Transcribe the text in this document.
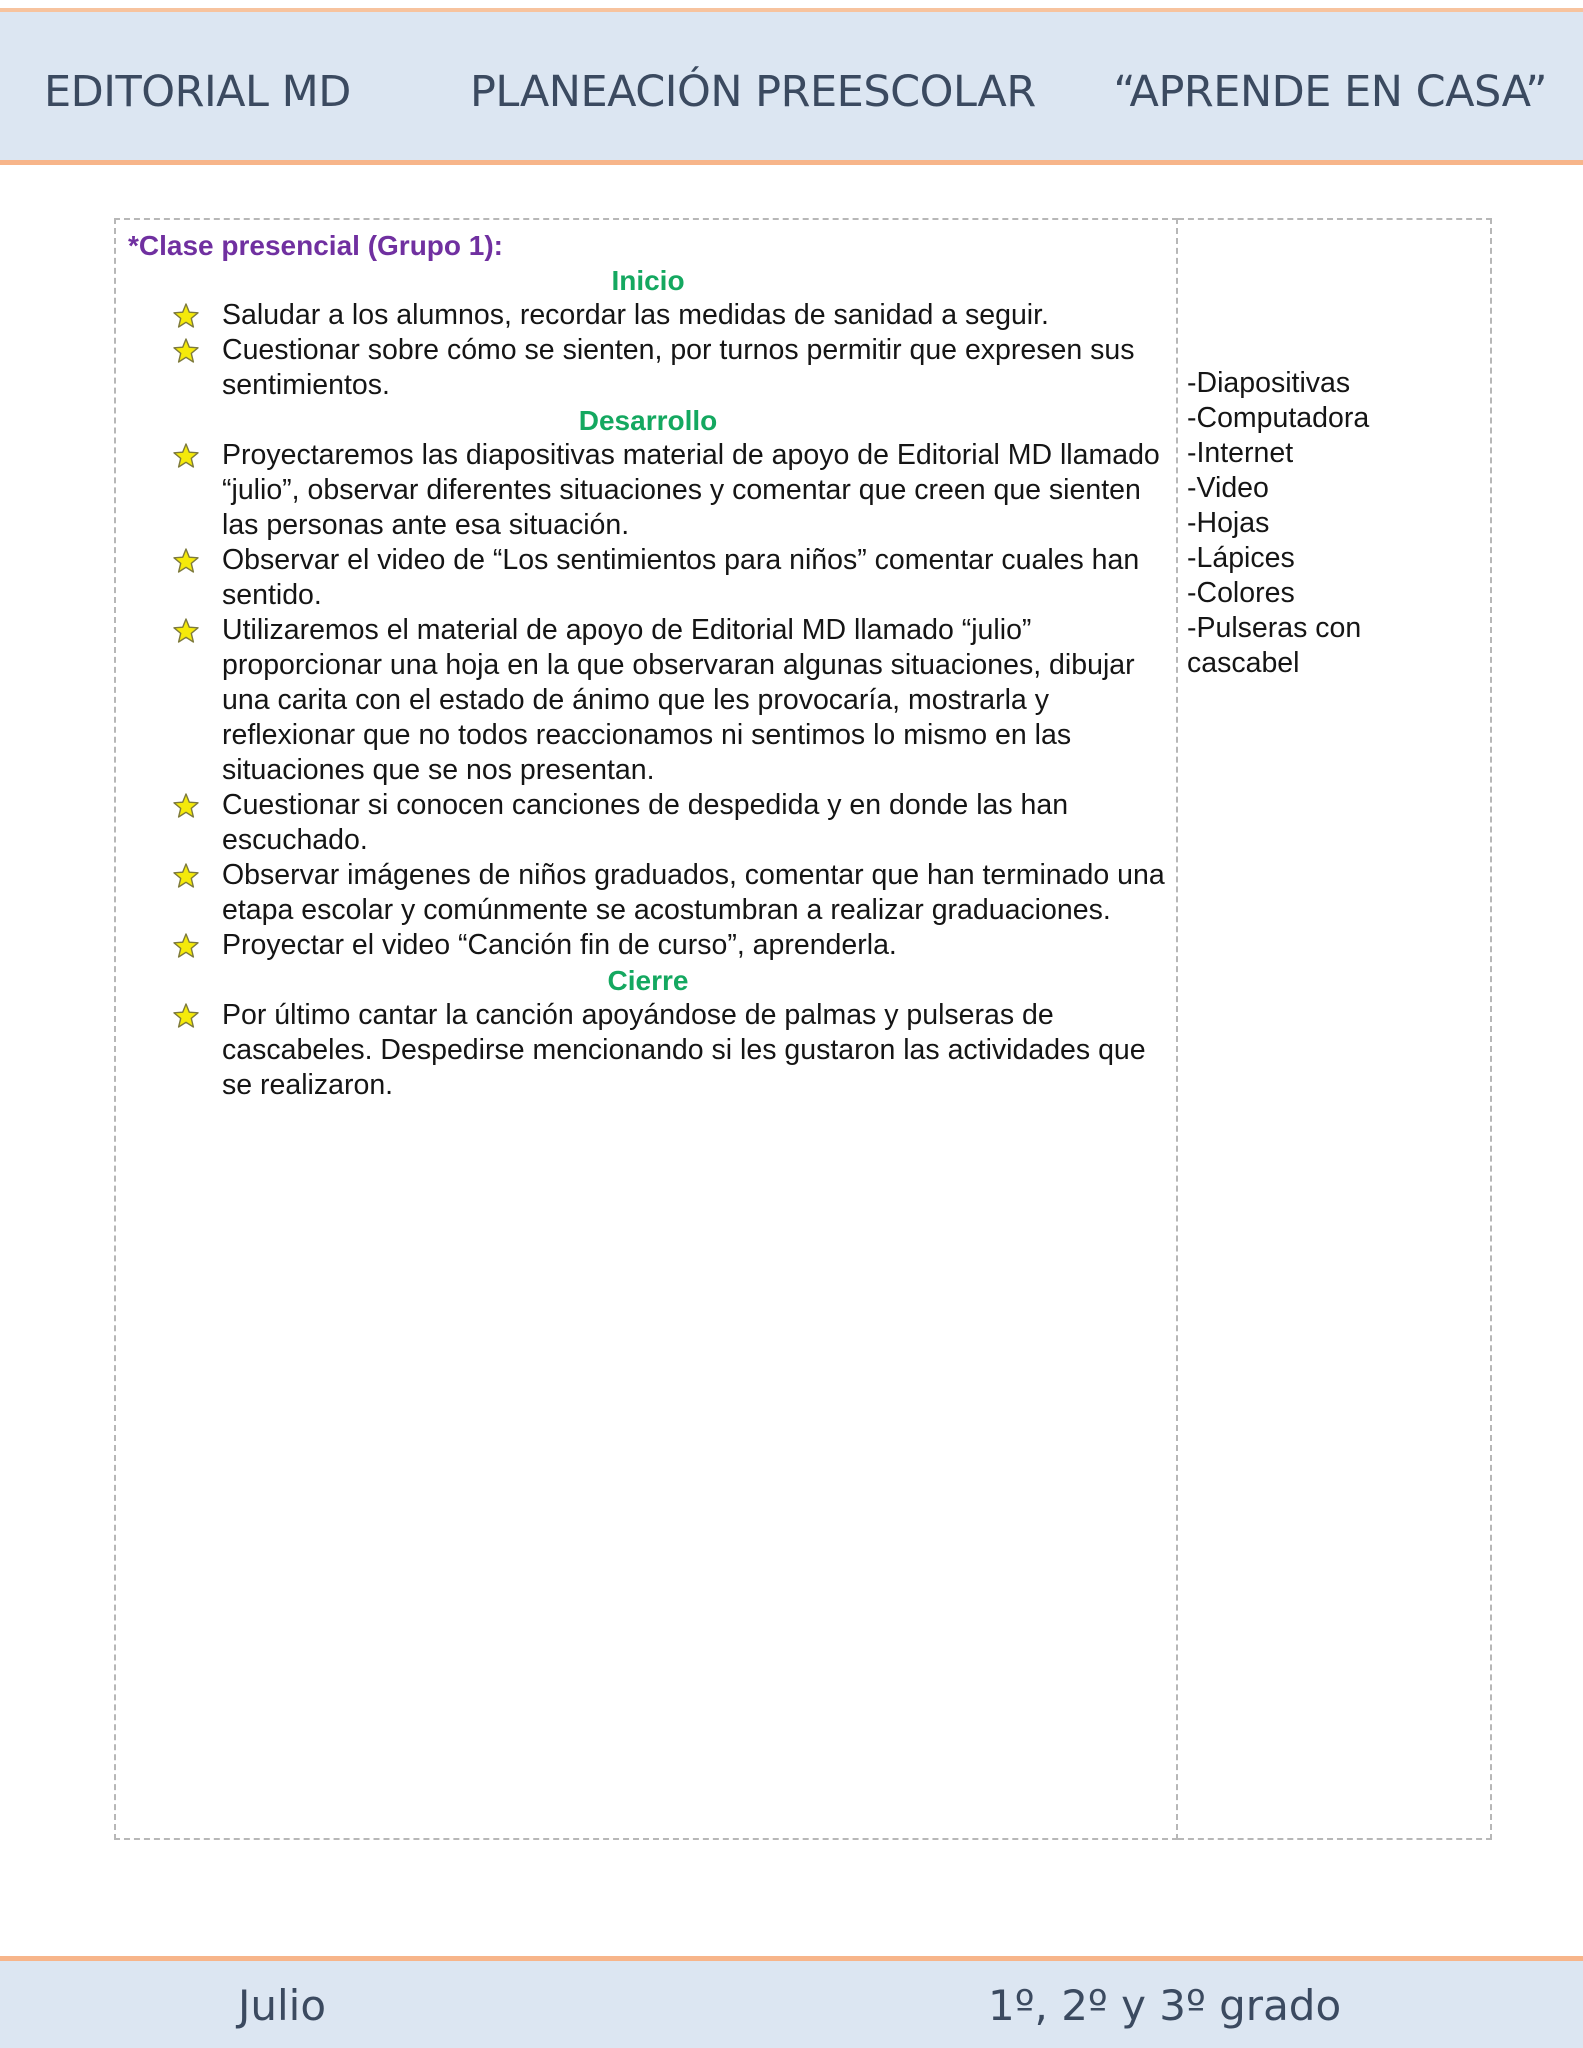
EDITORIAL MD	PLANEACIÓN PREESCOLAR “APRENDE EN CASA”
*Clase presencial (Grupo 1):
Inicio
Saludar a los alumnos, recordar las medidas de sanidad a seguir.
Cuestionar sobre cómo se sienten, por turnos permitir que expresen sus sentimientos.
Desarrollo
Proyectaremos las diapositivas material de apoyo de Editorial MD llamado “julio”, observar diferentes situaciones y comentar que creen que sienten las personas ante esa situación.
Observar el video de “Los sentimientos para niños” comentar cuales han sentido.
Utilizaremos el material de apoyo de Editorial MD llamado “julio” proporcionar una hoja en la que observaran algunas situaciones, dibujar una carita con el estado de ánimo que les provocaría, mostrarla y reflexionar que no todos reaccionamos ni sentimos lo mismo en las situaciones que se nos presentan.
Cuestionar si conocen canciones de despedida y en donde las han escuchado.
Observar imágenes de niños graduados, comentar que han terminado una etapa escolar y comúnmente se acostumbran a realizar graduaciones.
Proyectar el video “Canción fin de curso”, aprenderla.
Cierre
Por último cantar la canción apoyándose de palmas y pulseras de cascabeles. Despedirse mencionando si les gustaron las actividades que se realizaron.
-Diapositivas
-Computadora
-Internet
-Video
-Hojas
-Lápices
-Colores
-Pulseras con
cascabel
Julio	1º, 2º y 3º grado
